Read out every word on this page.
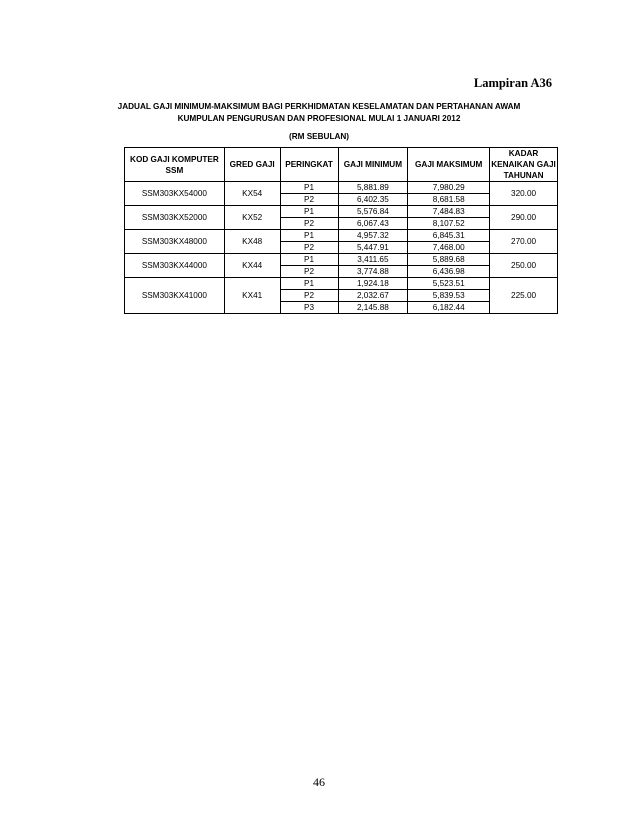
Lampiran A36
JADUAL GAJI MINIMUM-MAKSIMUM BAGI PERKHIDMATAN KESELAMATAN DAN PERTAHANAN AWAM
KUMPULAN PENGURUSAN DAN PROFESIONAL MULAI 1 JANUARI 2012
(RM SEBULAN)
KOD GAJI KOMPUTER SSM	GRED GAJI	PERINGKAT	GAJI MINIMUM	GAJI MAKSIMUM	KADAR KENAIKAN GAJI TAHUNAN
SSM303KX54000	KX54	P1	5,881.89	7,980.29	320.00
		P2	6,402.35	8,681.58	
SSM303KX52000	KX52	P1	5,576.84	7,484.83	290.00
		P2	6,067.43	8,107.52	
SSM303KX48000	KX48	P1	4,957.32	6,845.31	270.00
		P2	5,447.91	7,468.00	
SSM303KX44000	KX44	P1	3,411.65	5,889.68	250.00
		P2	3,774.88	6,436.98	
SSM303KX41000	KX41	P1	1,924.18	5,523.51	225.00
		P2	2,032.67	5,839.53	
		P3	2,145.88	6,182.44	
46
